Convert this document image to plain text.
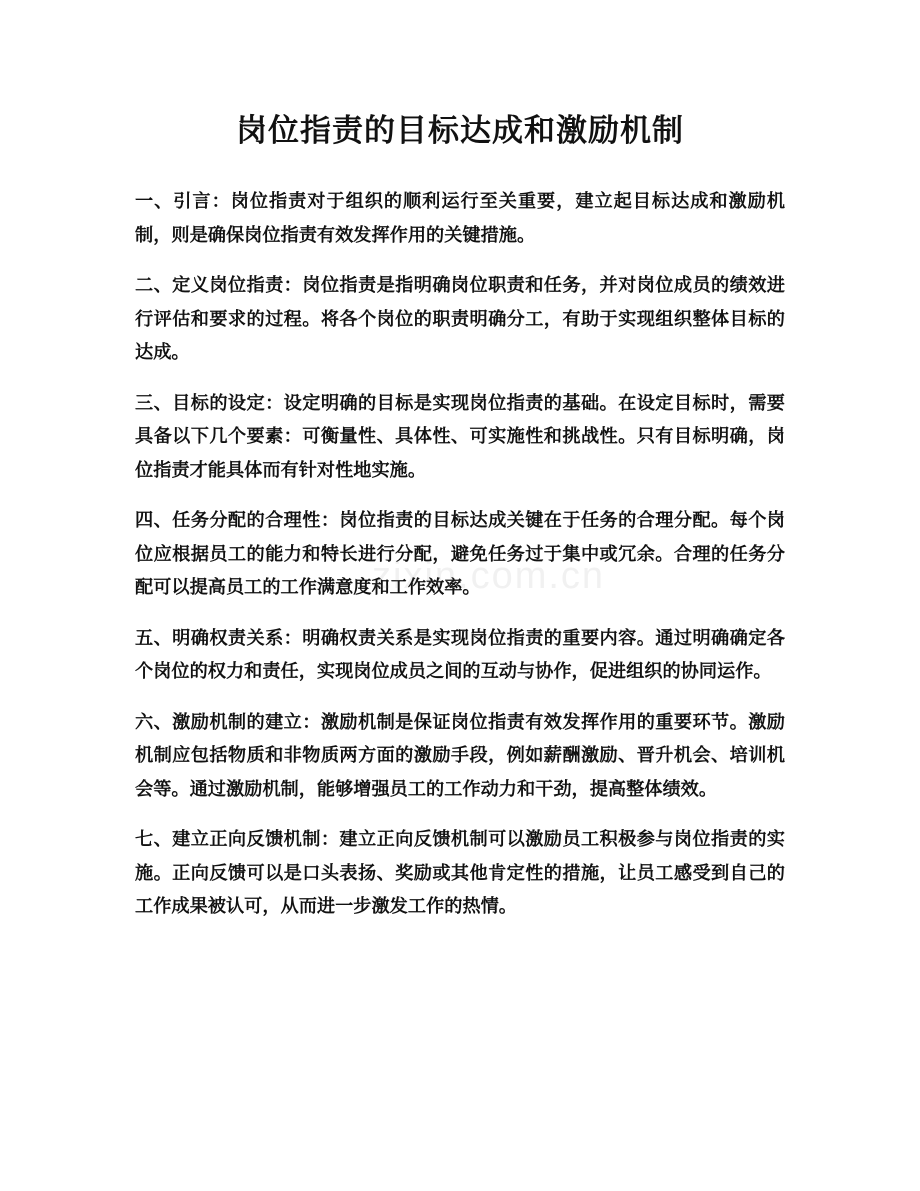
岗位指责的目标达成和激励机制

一、引言：岗位指责对于组织的顺利运行至关重要，建立起目标达成和激励机制，则是确保岗位指责有效发挥作用的关键措施。

二、定义岗位指责：岗位指责是指明确岗位职责和任务，并对岗位成员的绩效进行评估和要求的过程。将各个岗位的职责明确分工，有助于实现组织整体目标的达成。

三、目标的设定：设定明确的目标是实现岗位指责的基础。在设定目标时，需要具备以下几个要素：可衡量性、具体性、可实施性和挑战性。只有目标明确，岗位指责才能具体而有针对性地实施。

四、任务分配的合理性：岗位指责的目标达成关键在于任务的合理分配。每个岗位应根据员工的能力和特长进行分配，避免任务过于集中或冗余。合理的任务分配可以提高员工的工作满意度和工作效率。

五、明确权责关系：明确权责关系是实现岗位指责的重要内容。通过明确确定各个岗位的权力和责任，实现岗位成员之间的互动与协作，促进组织的协同运作。

六、激励机制的建立：激励机制是保证岗位指责有效发挥作用的重要环节。激励机制应包括物质和非物质两方面的激励手段，例如薪酬激励、晋升机会、培训机会等。通过激励机制，能够增强员工的工作动力和干劲，提高整体绩效。

七、建立正向反馈机制：建立正向反馈机制可以激励员工积极参与岗位指责的实施。正向反馈可以是口头表扬、奖励或其他肯定性的措施，让员工感受到自己的工作成果被认可，从而进一步激发工作的热情。

zixin.com.cn
